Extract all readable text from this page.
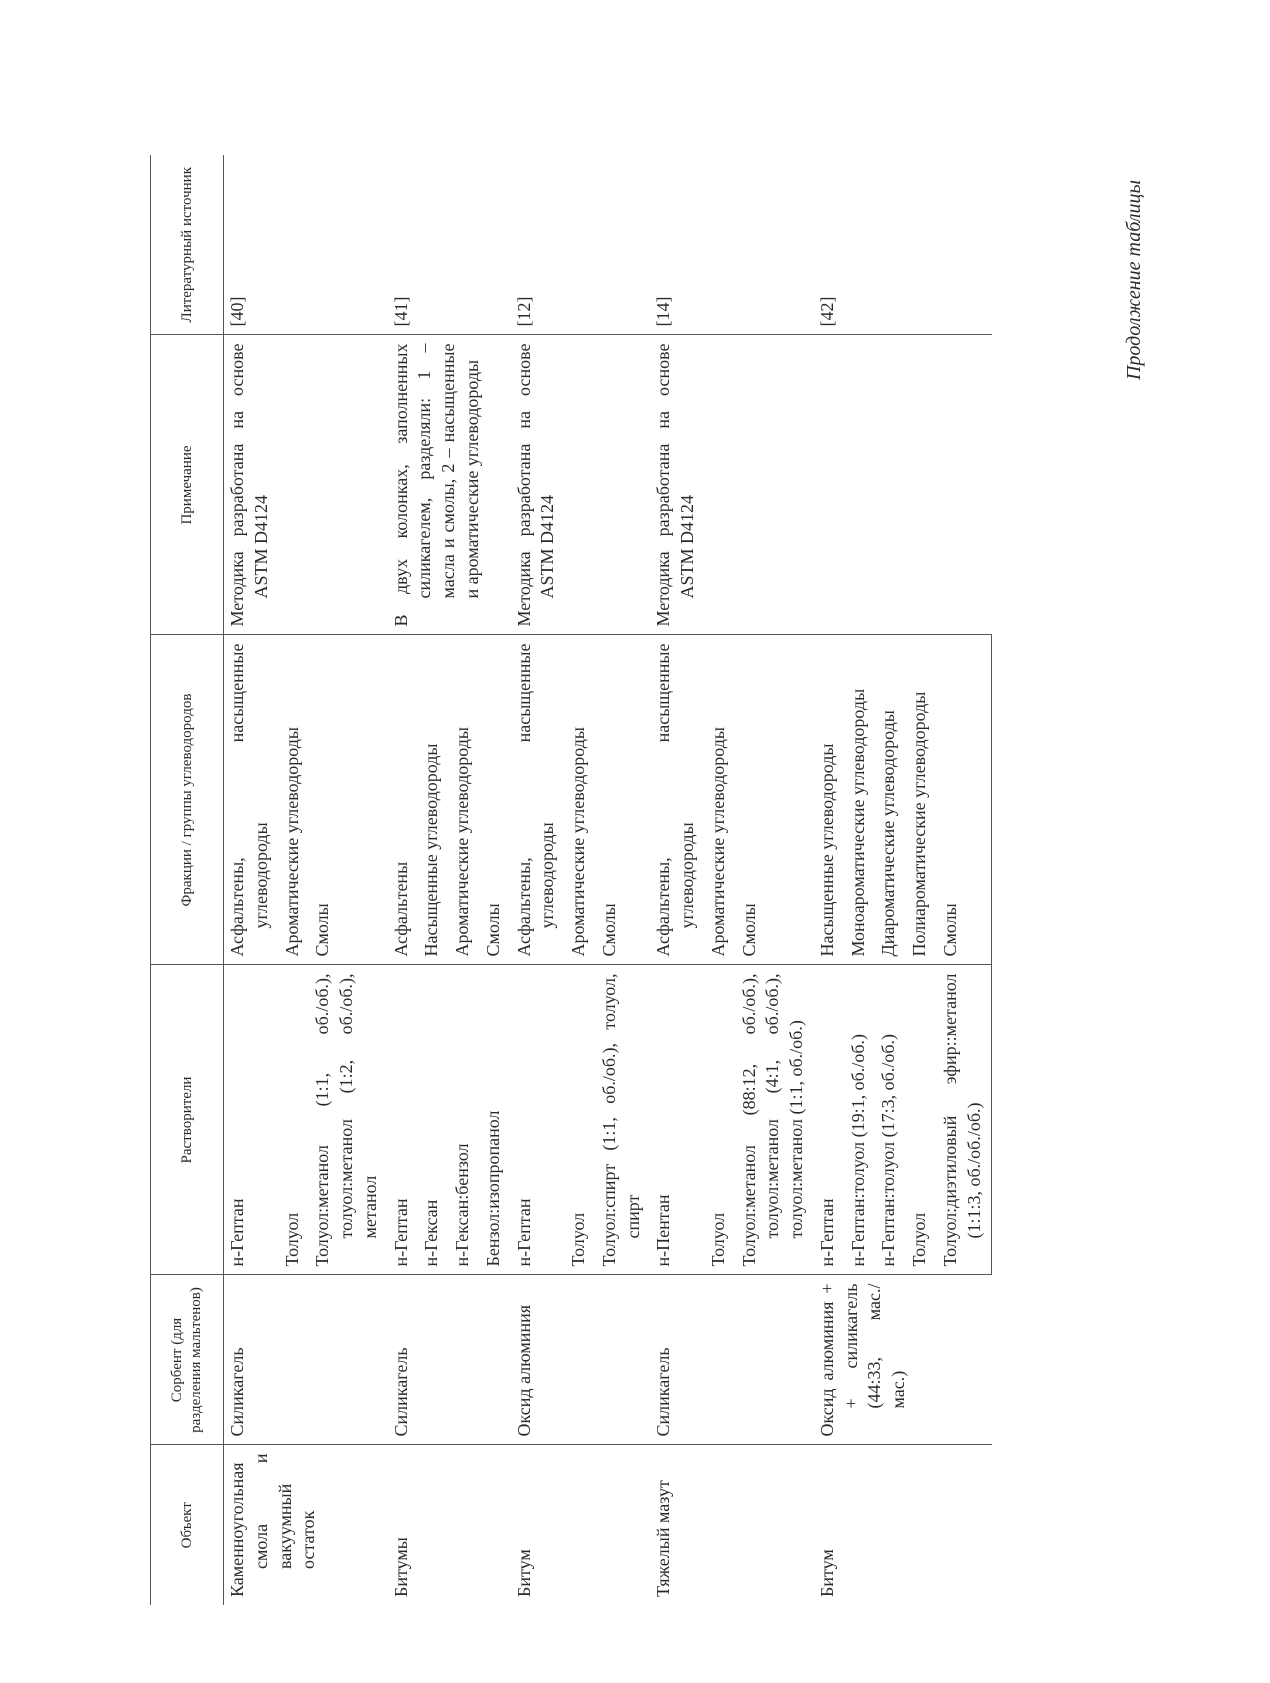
Продолжение таблицы
Объект	Сорбент (для разделения мальтенов)	Растворители	Фракции / группы углеводородов	Примечание	Литературный источник

Каменноугольная смола и вакуумный остаток	Силикагель	н-Гептан	Асфальтены, насыщенные углеводороды	Методика разработана на основе ASTM D4124	[40]

		Толуол	Ароматические углеводороды		

		Толуол:метанол (1:1, об./об.), толуол:метанол (1:2, об./об.), метанол	Смолы		

Битумы	Силикагель	н-Гептан	Асфальтены	В двух колонках, заполненных силикагелем, разделяли: 1 – масла и смолы, 2 – насыщенные и ароматические углеводороды	[41]

		н-Гексан	Насыщенные углеводороды		

		н-Гексан:бензол	Ароматические углеводороды		

		Бензол:изопропанол	Смолы		

Битум	Оксид алюминия	н-Гептан	Асфальтены, насыщенные углеводороды	Методика разработана на основе ASTM D4124	[12]

		Толуол	Ароматические углеводороды		

		Толуол:спирт (1:1, об./об.), толуол, спирт	Смолы		

Тяжелый мазут	Силикагель	н-Пентан	Асфальтены, насыщенные углеводороды	Методика разработана на основе ASTM D4124	[14]

		Толуол	Ароматические углеводороды		

		Толуол:метанол (88:12, об./об.), толуол:метанол (4:1, об./об.), толуол:метанол (1:1, об./об.)	Смолы		

Битум	Оксид алюминия + + силикагель (44:33, мас./мас.)	н-Гептан	Насыщенные углеводороды		[42]

		н-Гептан:толуол (19:1, об./об.)	Моноароматические углеводороды		

		н-Гептан:толуол (17:3, об./об.)	Диароматические углеводороды		

		Толуол	Полиароматические углеводороды		

		Толуол:диэтиловый эфир::метанол (1:1:3, об./об./об.)	Смолы		
